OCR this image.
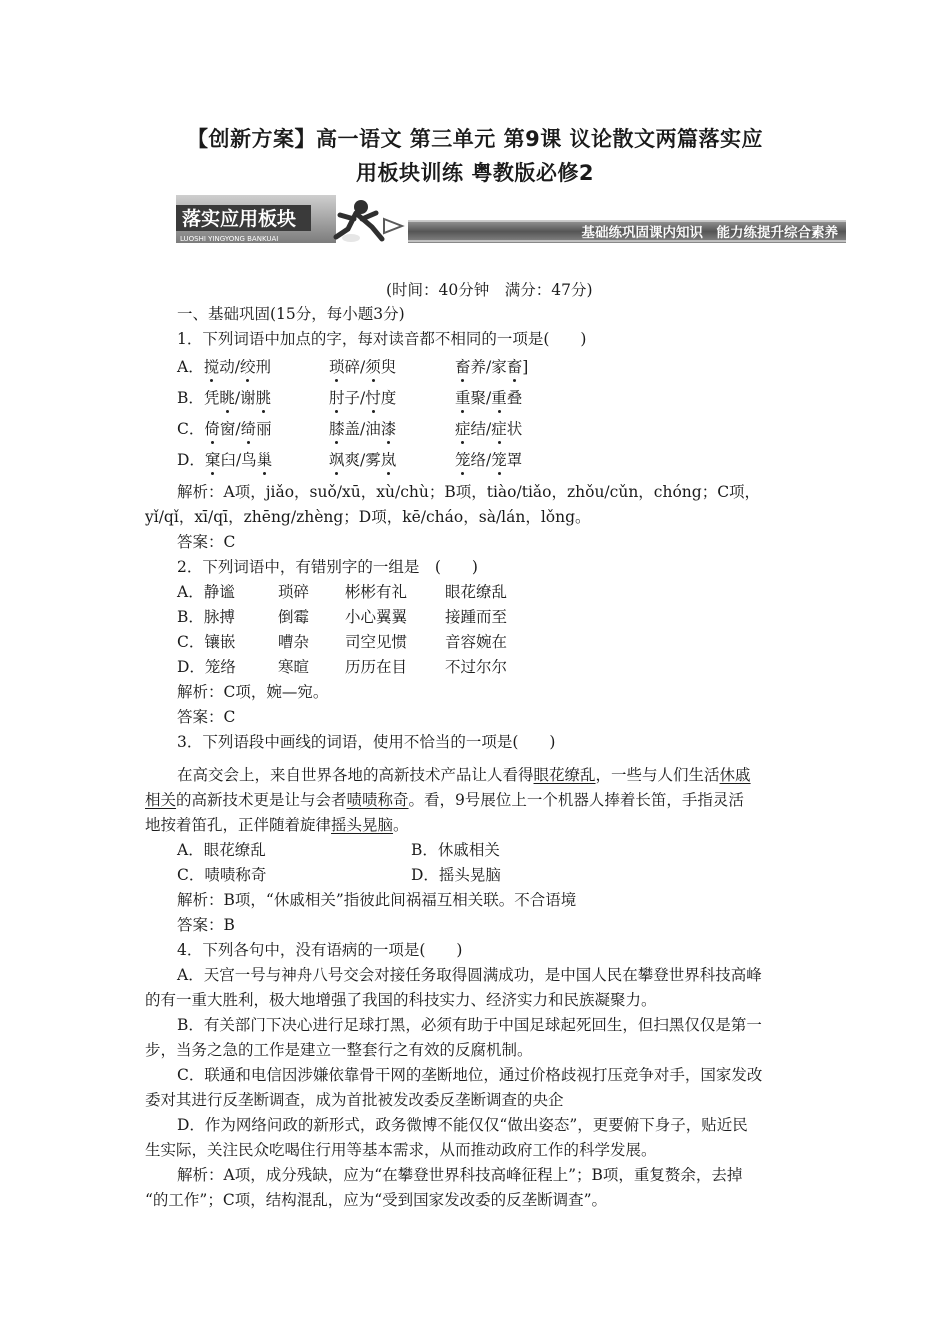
【创新方案】高一语文 第三单元 第9课 议论散文两篇落实应
用板块训练 粤教版必修2
落实应用板块
LUOSHI YINGYONG BANKUAI	基础练巩固课内知识　能力练提升综合素养
(时间：40分钟　满分：47分)
一、基础巩固(15分，每小题3分)
1．下列词语中加点的字，每对读音都不相同的一项是(　　)
A．搅动/绞刑	琐碎/须臾	畜养/家畜]
B．凭眺/谢朓	肘子/忖度	重聚/重叠
C．倚窗/绮丽	膝盖/油漆	症结/症状
D．窠臼/鸟巢	飒爽/雾岚	笼络/笼罩
解析：A项，jiǎo，suǒ/xū，xù/chù；B项，tiào/tiǎo，zhǒu/cǔn，chóng；C项，
yǐ/qǐ，xī/qī，zhēng/zhèng；D项，kē/cháo，sà/lán，lǒng。
答案：C
2．下列词语中，有错别字的一组是　(　　)
A．静谧	琐碎 彬彬有礼 眼花缭乱
B．脉搏	倒霉 小心翼翼 接踵而至
C．镶嵌	嘈杂 司空见惯 音容婉在
D．笼络	寒暄 历历在目 不过尔尔
解析：C项，婉—宛。
答案：C
3．下列语段中画线的词语，使用不恰当的一项是(　　)
在高交会上，来自世界各地的高新技术产品让人看得眼花缭乱，一些与人们生活休戚
相关的高新技术更是让与会者啧啧称奇。看，9号展位上一个机器人捧着长笛，手指灵活
地按着笛孔，正伴随着旋律摇头晃脑。
A．眼花缭乱	B．休戚相关
C．啧啧称奇	D．摇头晃脑
解析：B项，“休戚相关”指彼此间祸福互相关联。不合语境
答案：B
4．下列各句中，没有语病的一项是(　　)
A．天宫一号与神舟八号交会对接任务取得圆满成功，是中国人民在攀登世界科技高峰
的有一重大胜利，极大地增强了我国的科技实力、经济实力和民族凝聚力。
B．有关部门下决心进行足球打黑，必须有助于中国足球起死回生，但扫黑仅仅是第一
步，当务之急的工作是建立一整套行之有效的反腐机制。
C．联通和电信因涉嫌依靠骨干网的垄断地位，通过价格歧视打压竞争对手，国家发改
委对其进行反垄断调查，成为首批被发改委反垄断调查的央企
D．作为网络问政的新形式，政务微博不能仅仅“做出姿态”，更要俯下身子，贴近民
生实际，关注民众吃喝住行用等基本需求，从而推动政府工作的科学发展。
解析：A项，成分残缺，应为“在攀登世界科技高峰征程上”；B项，重复赘余，去掉
“的工作”；C项，结构混乱，应为“受到国家发改委的反垄断调查”。
